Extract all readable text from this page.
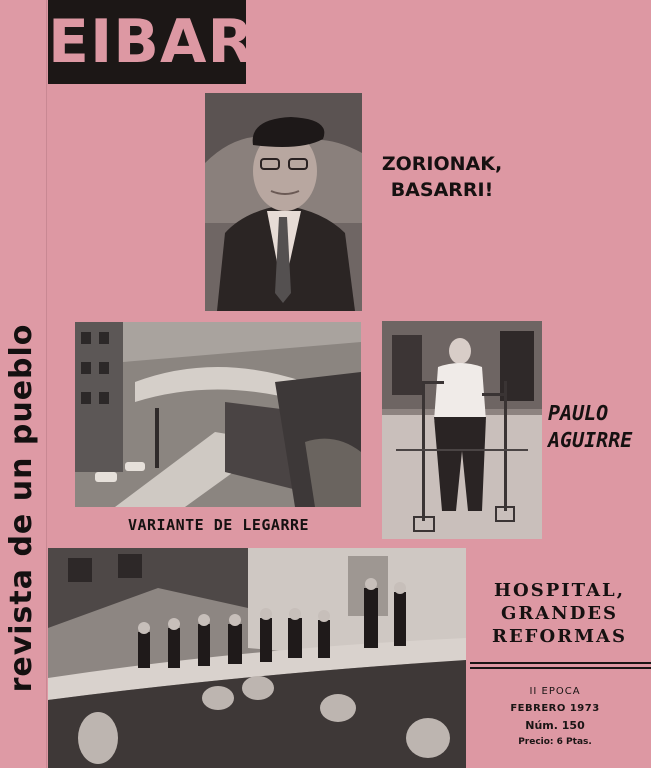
revista de un pueblo
EIBAR
ZORIONAK,
BASARRI!
VARIANTE DE LEGARRE
PAULO
AGUIRRE
HOSPITAL,
GRANDES
REFORMAS
II EPOCA
FEBRERO 1973
Núm. 150
Precio: 6 Ptas.
